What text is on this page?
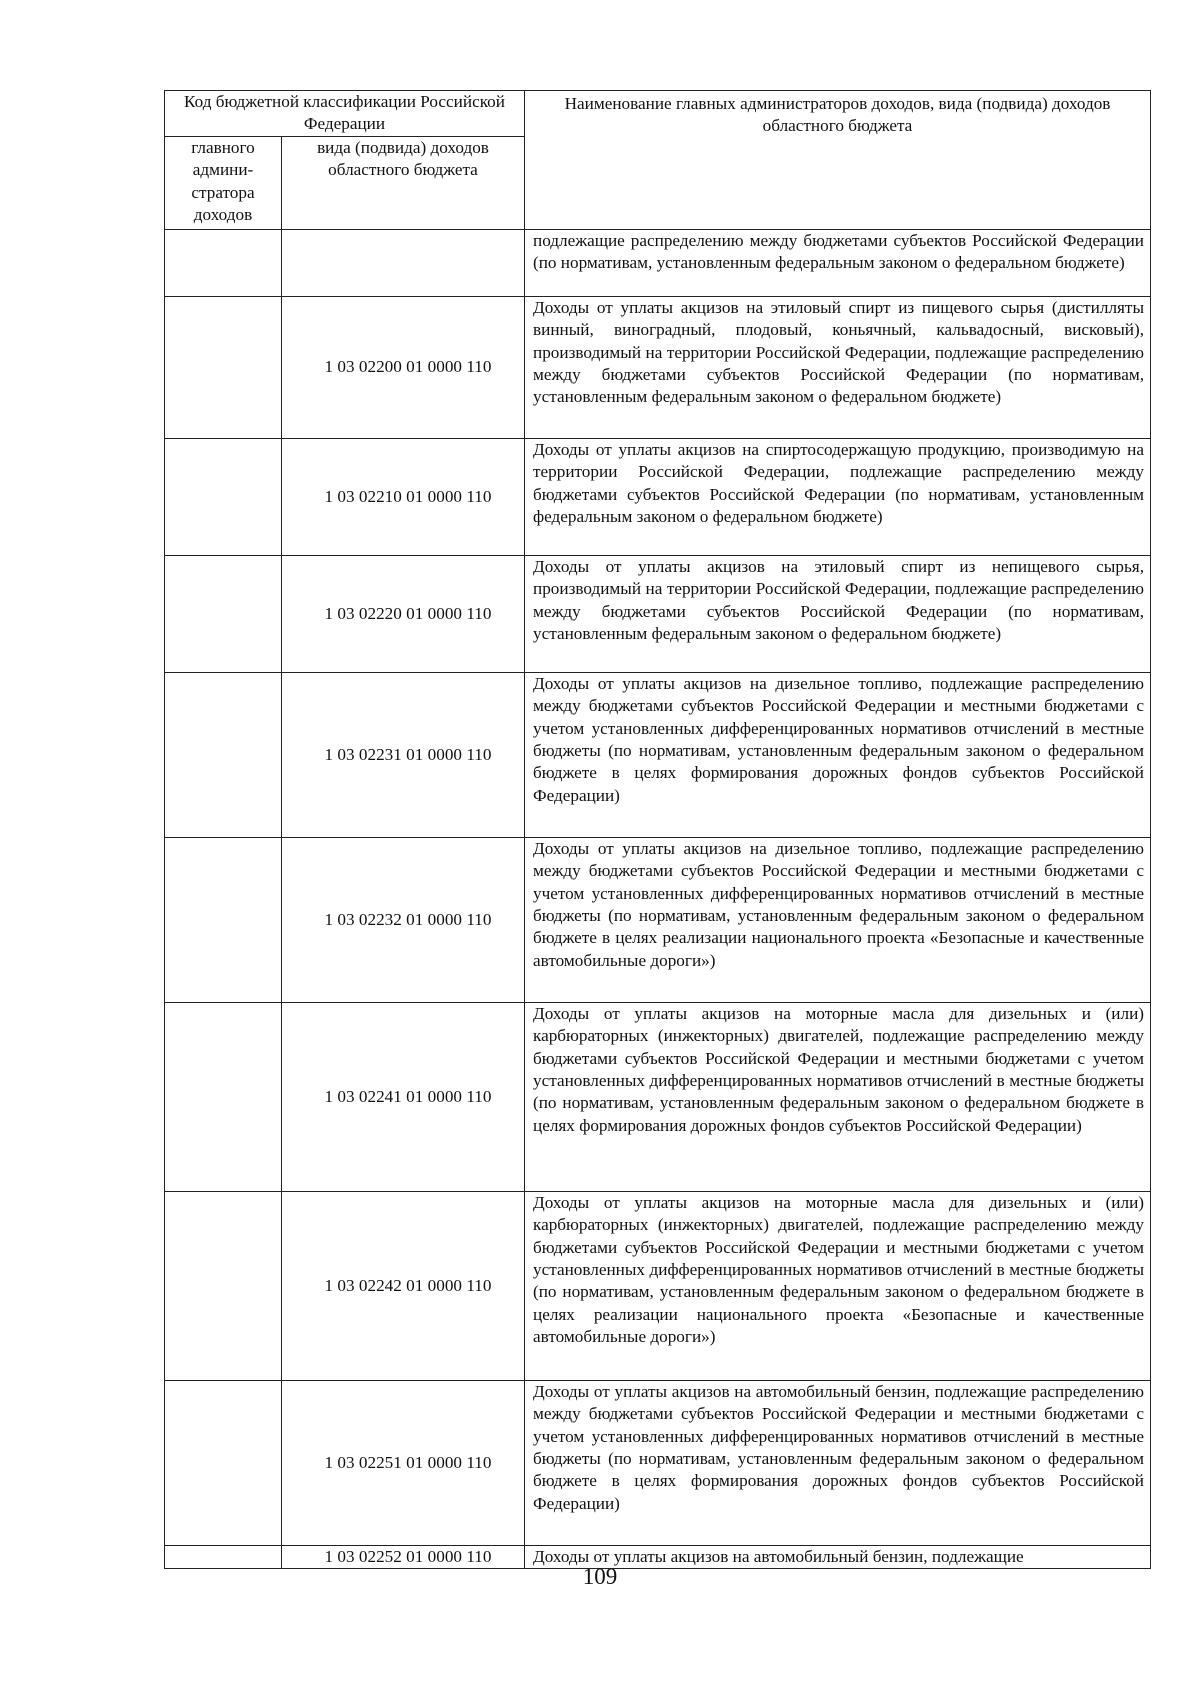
Код бюджетной классификации Российской Федерации		Наименование главных администраторов доходов, вида (подвида) доходов областного бюджета
главного админи-стратора доходов	вида (подвида) доходов областного бюджета	

		подлежащие распределению между бюджетами субъектов Российской Федерации (по нормативам, установленным федеральным законом о федеральном бюджете)

	1 03 02200 01 0000 110	Доходы от уплаты акцизов на этиловый спирт из пищевого сырья (дистилляты винный, виноградный, плодовый, коньячный, кальвадосный, висковый), производимый на территории Российской Федерации, подлежащие распределению между бюджетами субъектов Российской Федерации (по нормативам, установленным федеральным законом о федеральном бюджете)

	1 03 02210 01 0000 110	Доходы от уплаты акцизов на спиртосодержащую продукцию, производимую на территории Российской Федерации, подлежащие распределению между бюджетами субъектов Российской Федерации (по нормативам, установленным федеральным законом о федеральном бюджете)

	1 03 02220 01 0000 110	Доходы от уплаты акцизов на этиловый спирт из непищевого сырья, производимый на территории Российской Федерации, подлежащие распределению между бюджетами субъектов Российской Федерации (по нормативам, установленным федеральным законом о федеральном бюджете)

	1 03 02231 01 0000 110	Доходы от уплаты акцизов на дизельное топливо, подлежащие распределению между бюджетами субъектов Российской Федерации и местными бюджетами с учетом установленных дифференцированных нормативов отчислений в местные бюджеты (по нормативам, установленным федеральным законом о федеральном бюджете в целях формирования дорожных фондов субъектов Российской Федерации)

	1 03 02232 01 0000 110	Доходы от уплаты акцизов на дизельное топливо, подлежащие распределению между бюджетами субъектов Российской Федерации и местными бюджетами с учетом установленных дифференцированных нормативов отчислений в местные бюджеты (по нормативам, установленным федеральным законом о федеральном бюджете в целях реализации национального проекта «Безопасные и качественные автомобильные дороги»)

	1 03 02241 01 0000 110	Доходы от уплаты акцизов на моторные масла для дизельных и (или) карбюраторных (инжекторных) двигателей, подлежащие распределению между бюджетами субъектов Российской Федерации и местными бюджетами с учетом установленных дифференцированных нормативов отчислений в местные бюджеты (по нормативам, установленным федеральным законом о федеральном бюджете в целях формирования дорожных фондов субъектов Российской Федерации)

	1 03 02242 01 0000 110	Доходы от уплаты акцизов на моторные масла для дизельных и (или) карбюраторных (инжекторных) двигателей, подлежащие распределению между бюджетами субъектов Российской Федерации и местными бюджетами с учетом установленных дифференцированных нормативов отчислений в местные бюджеты (по нормативам, установленным федеральным законом о федеральном бюджете в целях реализации национального проекта «Безопасные и качественные автомобильные дороги»)

	1 03 02251 01 0000 110	Доходы от уплаты акцизов на автомобильный бензин, подлежащие распределению между бюджетами субъектов Российской Федерации и местными бюджетами с учетом установленных дифференцированных нормативов отчислений в местные бюджеты (по нормативам, установленным федеральным законом о федеральном бюджете в целях формирования дорожных фондов субъектов Российской Федерации)

	1 03 02252 01 0000 110	Доходы от уплаты акцизов на автомобильный бензин, подлежащие
109
